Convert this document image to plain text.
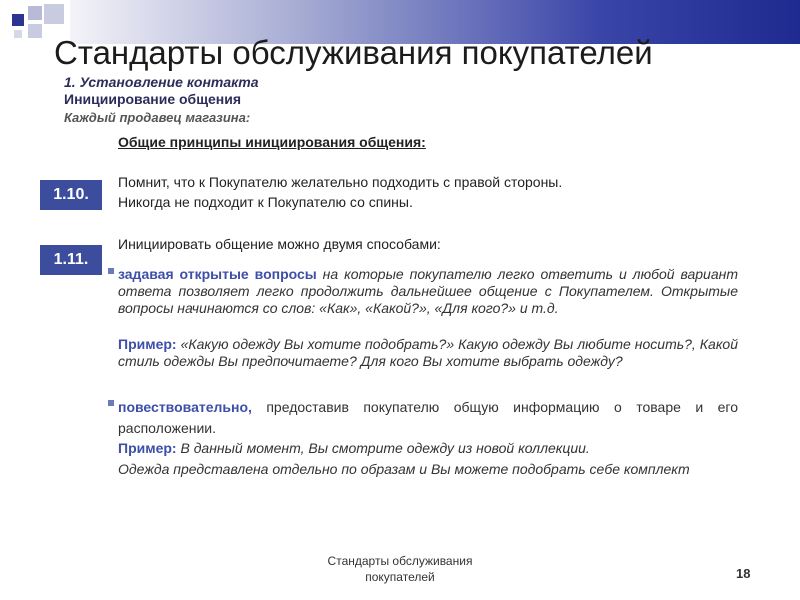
Стандарты обслуживания покупателей
1. Установление контакта
Инициирование общения
Каждый продавец магазина:
Общие принципы инициирования общения:
1.10.
Помнит, что к Покупателю желательно подходить с правой стороны.
Никогда не подходит к Покупателю со спины.
1.11.
Инициировать общение можно двумя способами:
задавая открытые вопросы на которые покупателю легко ответить и любой вариант ответа позволяет легко продолжить дальнейшее общение с Покупателем. Открытые вопросы начинаются со слов: «Как», «Какой?», «Для кого?» и т.д.
Пример: «Какую одежду Вы хотите подобрать?» Какую одежду Вы любите носить?, Какой стиль одежды Вы предпочитаете? Для кого Вы хотите выбрать одежду?
повествовательно, предоставив покупателю общую информацию о товаре и его расположении.
Пример: В данный момент, Вы смотрите одежду из новой коллекции.
Одежда представлена отдельно по образам и Вы можете подобрать себе комплект
Стандарты обслуживания
покупателей	18
